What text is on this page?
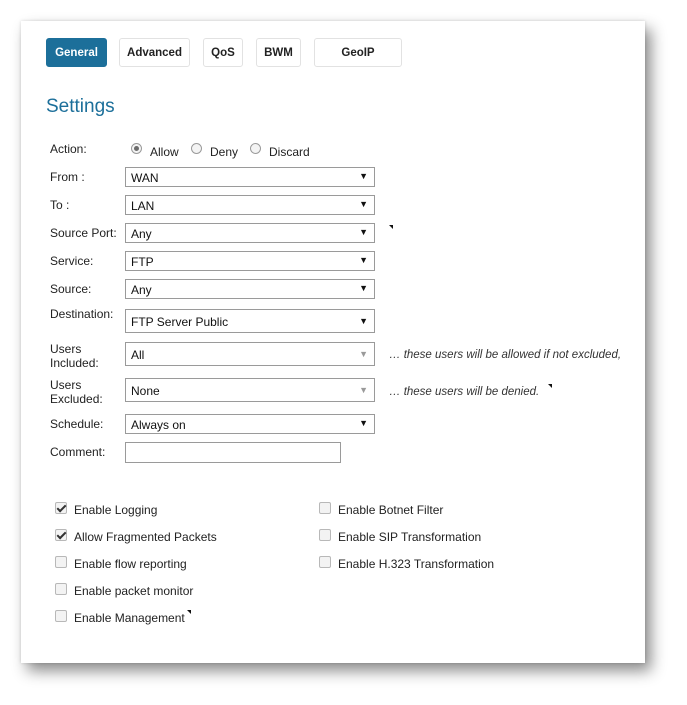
General	Advanced	QoS	BWM	GeoIP
Settings
Action:	Allow	Deny	Discard
From :	WAN	▼
To :	LAN	▼
Source Port: Any	▼
Service:	FTP	▼
Source:	Any	▼
Destination:
FTP Server Public	▼
Users
Included:
All	▼ … these users will be allowed if not excluded,
Users
Excluded:
None	▼ … these users will be denied.
Schedule: Always on	▼
Comment:
Enable Logging
Allow Fragmented Packets
Enable flow reporting
Enable packet monitor
Enable Management
Enable Botnet Filter
Enable SIP Transformation
Enable H.323 Transformation
